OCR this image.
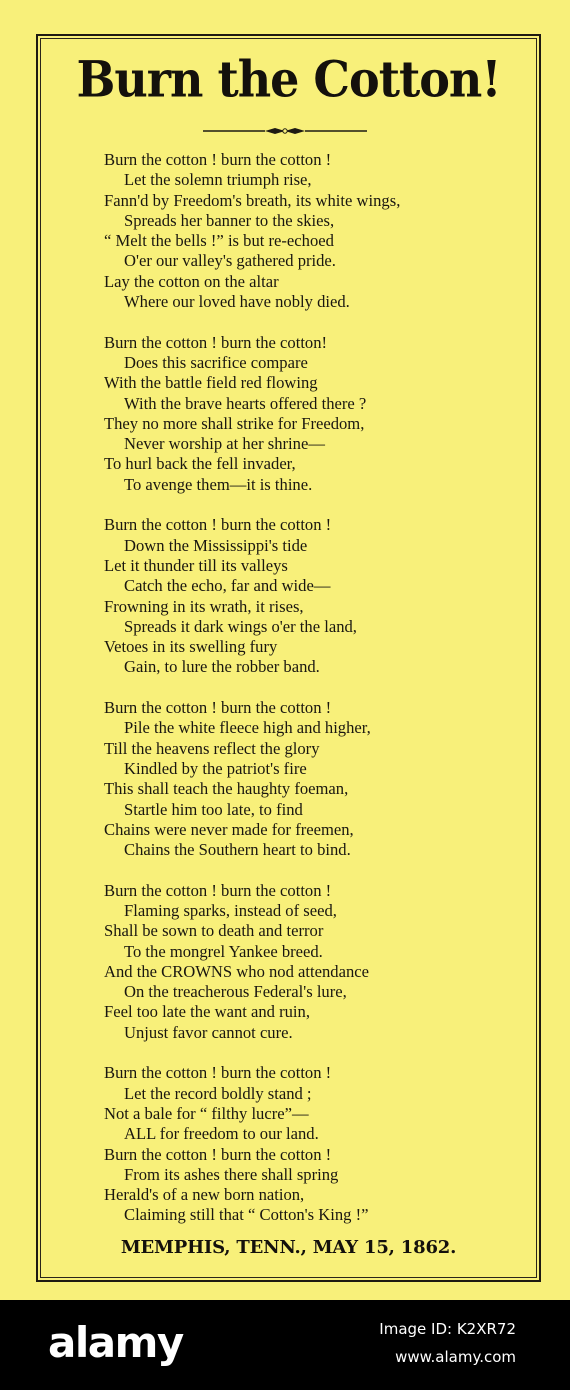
Burn the Cotton!
Burn the cotton ! burn the cotton !
Let the solemn triumph rise,
Fann'd by Freedom's breath, its white wings,
Spreads her banner to the skies,
“ Melt the bells !” is but re-echoed
O'er our valley's gathered pride.
Lay the cotton on the altar
Where our loved have nobly died.
Burn the cotton ! burn the cotton!
Does this sacrifice compare
With the battle field red flowing
With the brave hearts offered there ?
They no more shall strike for Freedom,
Never worship at her shrine—
To hurl back the fell invader,
To avenge them—it is thine.
Burn the cotton ! burn the cotton !
Down the Mississippi's tide
Let it thunder till its valleys
Catch the echo, far and wide—
Frowning in its wrath, it rises,
Spreads it dark wings o'er the land,
Vetoes in its swelling fury
Gain, to lure the robber band.
Burn the cotton ! burn the cotton !
Pile the white fleece high and higher,
Till the heavens reflect the glory
Kindled by the patriot's fire
This shall teach the haughty foeman,
Startle him too late, to find
Chains were never made for freemen,
Chains the Southern heart to bind.
Burn the cotton ! burn the cotton !
Flaming sparks, instead of seed,
Shall be sown to death and terror
To the mongrel Yankee breed.
And the CROWNS who nod attendance
On the treacherous Federal's lure,
Feel too late the want and ruin,
Unjust favor cannot cure.
Burn the cotton ! burn the cotton !
Let the record boldly stand ;
Not a bale for “ filthy lucre”—
ALL for freedom to our land.
Burn the cotton ! burn the cotton !
From its ashes there shall spring
Herald's of a new born nation,
Claiming still that “ Cotton's King !”
MEMPHIS, TENN., MAY 15, 1862.
alamy	Image ID: K2XR72
www.alamy.com
